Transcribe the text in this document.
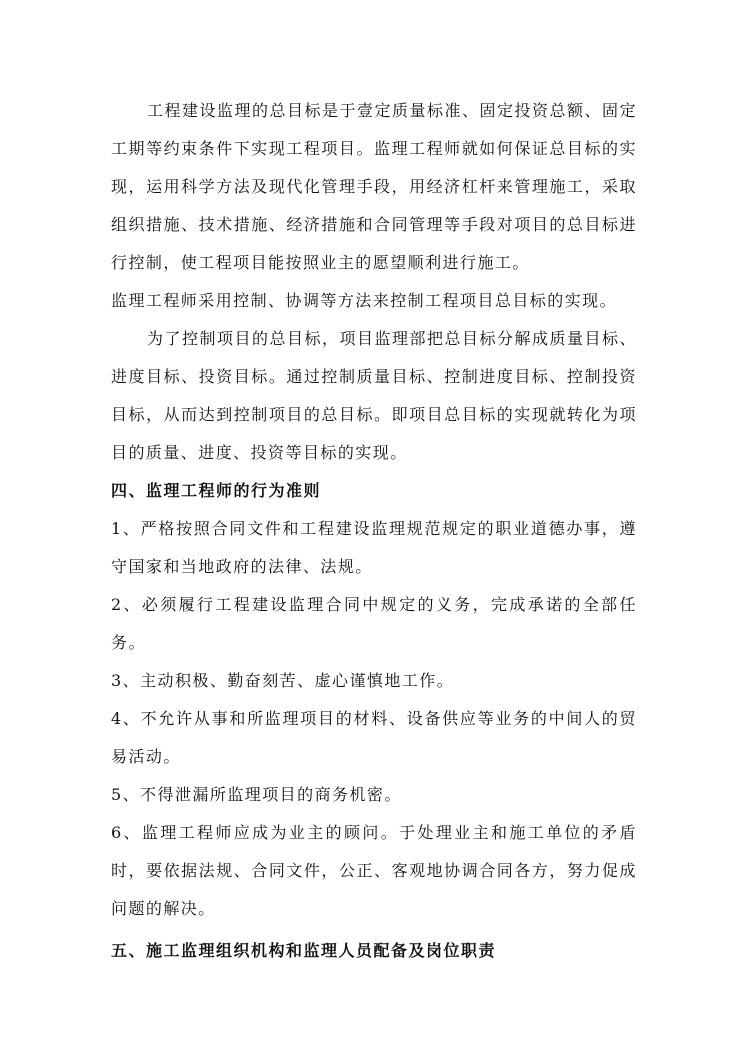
工程建设监理的总目标是于壹定质量标准、固定投资总额、固定工期等约束条件下实现工程项目。监理工程师就如何保证总目标的实现，运用科学方法及现代化管理手段，用经济杠杆来管理施工，采取组织措施、技术措施、经济措施和合同管理等手段对项目的总目标进行控制，使工程项目能按照业主的愿望顺利进行施工。

监理工程师采用控制、协调等方法来控制工程项目总目标的实现。

为了控制项目的总目标，项目监理部把总目标分解成质量目标、进度目标、投资目标。通过控制质量目标、控制进度目标、控制投资目标，从而达到控制项目的总目标。即项目总目标的实现就转化为项目的质量、进度、投资等目标的实现。

四、监理工程师的行为准则

1、严格按照合同文件和工程建设监理规范规定的职业道德办事，遵守国家和当地政府的法律、法规。

2、必须履行工程建设监理合同中规定的义务，完成承诺的全部任务。

3、主动积极、勤奋刻苦、虚心谨慎地工作。

4、不允许从事和所监理项目的材料、设备供应等业务的中间人的贸易活动。

5、不得泄漏所监理项目的商务机密。

6、监理工程师应成为业主的顾问。于处理业主和施工单位的矛盾时，要依据法规、合同文件，公正、客观地协调合同各方，努力促成问题的解决。

五、施工监理组织机构和监理人员配备及岗位职责
